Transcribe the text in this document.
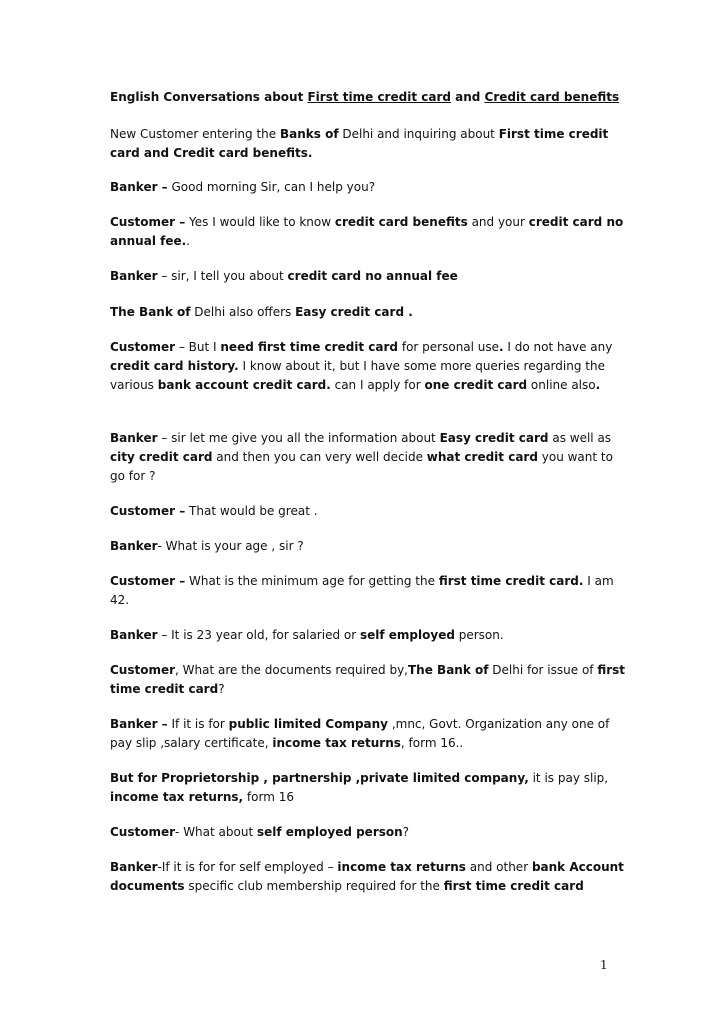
English Conversations about First time credit card and Credit card benefits

New Customer entering the Banks of Delhi and inquiring about First time credit card and Credit card benefits.

Banker – Good morning Sir, can I help you?

Customer – Yes I would like to know credit card benefits and your credit card no annual fee..

Banker – sir, I tell you about credit card no annual fee

The Bank of Delhi also offers Easy credit card .

Customer – But I need first time credit card for personal use. I do not have any credit card history. I know about it, but I have some more queries regarding the various bank account credit card. can I apply for one credit card online also.

Banker – sir let me give you all the information about Easy credit card as well as city credit card and then you can very well decide what credit card you want to go for ?

Customer – That would be great .

Banker- What is your age , sir ?

Customer – What is the minimum age for getting the first time credit card. I am 42.

Banker – It is 23 year old, for salaried or self employed person.

Customer, What are the documents required by,The Bank of Delhi for issue of first time credit card?

Banker – If it is for public limited Company ,mnc, Govt. Organization any one of pay slip ,salary certificate, income tax returns, form 16..

But for Proprietorship , partnership ,private limited company, it is pay slip, income tax returns, form 16

Customer- What about self employed person?

Banker-If it is for for self employed – income tax returns and other bank Account documents specific club membership required for the first time credit card

1
